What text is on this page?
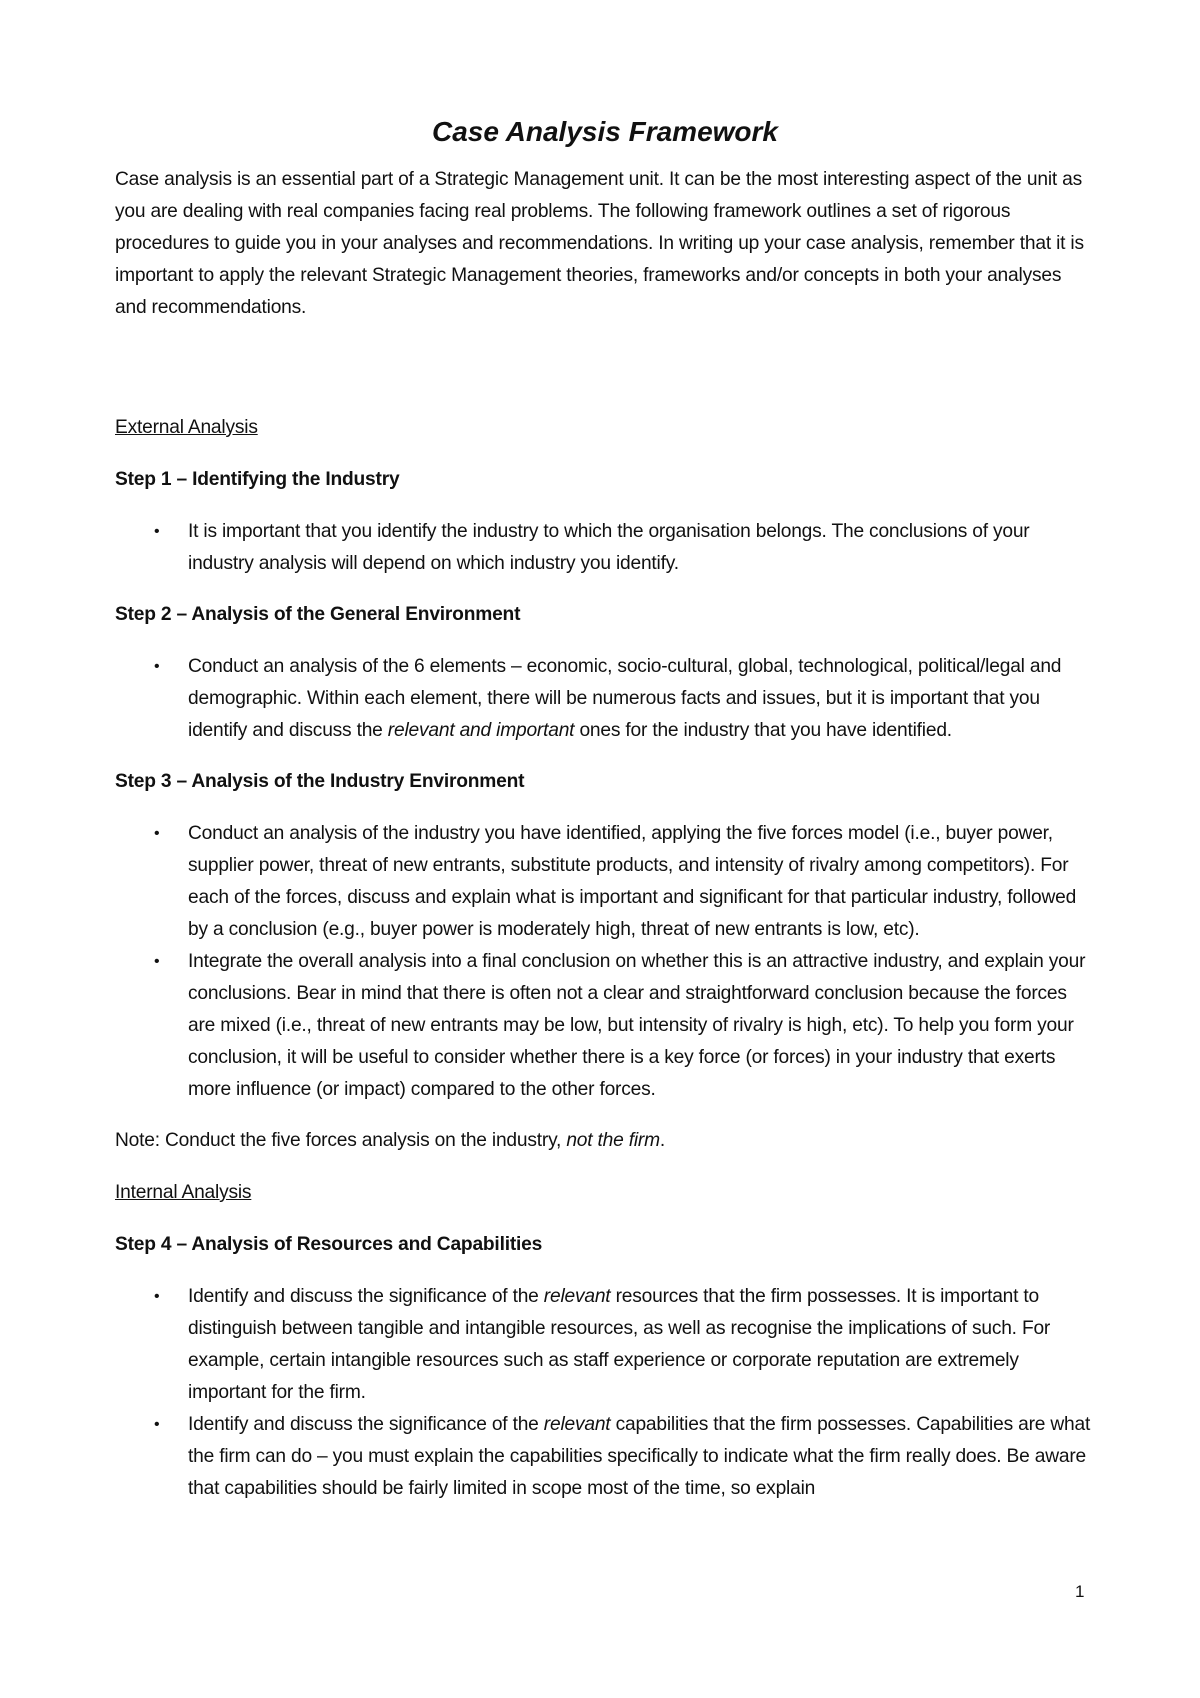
Case Analysis Framework

Case analysis is an essential part of a Strategic Management unit. It can be the most interesting aspect of the unit as you are dealing with real companies facing real problems. The following framework outlines a set of rigorous procedures to guide you in your analyses and recommendations. In writing up your case analysis, remember that it is important to apply the relevant Strategic Management theories, frameworks and/or concepts in both your analyses and recommendations.

External Analysis

Step 1 – Identifying the Industry

• It is important that you identify the industry to which the organisation belongs. The conclusions of your industry analysis will depend on which industry you identify.

Step 2 – Analysis of the General Environment

• Conduct an analysis of the 6 elements – economic, socio-cultural, global, technological, political/legal and demographic. Within each element, there will be numerous facts and issues, but it is important that you identify and discuss the relevant and important ones for the industry that you have identified.

Step 3 – Analysis of the Industry Environment

• Conduct an analysis of the industry you have identified, applying the five forces model (i.e., buyer power, supplier power, threat of new entrants, substitute products, and intensity of rivalry among competitors). For each of the forces, discuss and explain what is important and significant for that particular industry, followed by a conclusion (e.g., buyer power is moderately high, threat of new entrants is low, etc).
• Integrate the overall analysis into a final conclusion on whether this is an attractive industry, and explain your conclusions. Bear in mind that there is often not a clear and straightforward conclusion because the forces are mixed (i.e., threat of new entrants may be low, but intensity of rivalry is high, etc). To help you form your conclusion, it will be useful to consider whether there is a key force (or forces) in your industry that exerts more influence (or impact) compared to the other forces.

Note: Conduct the five forces analysis on the industry, not the firm.

Internal Analysis

Step 4 – Analysis of Resources and Capabilities

• Identify and discuss the significance of the relevant resources that the firm possesses. It is important to distinguish between tangible and intangible resources, as well as recognise the implications of such. For example, certain intangible resources such as staff experience or corporate reputation are extremely important for the firm.
• Identify and discuss the significance of the relevant capabilities that the firm possesses. Capabilities are what the firm can do – you must explain the capabilities specifically to indicate what the firm really does. Be aware that capabilities should be fairly limited in scope most of the time, so explain
1
